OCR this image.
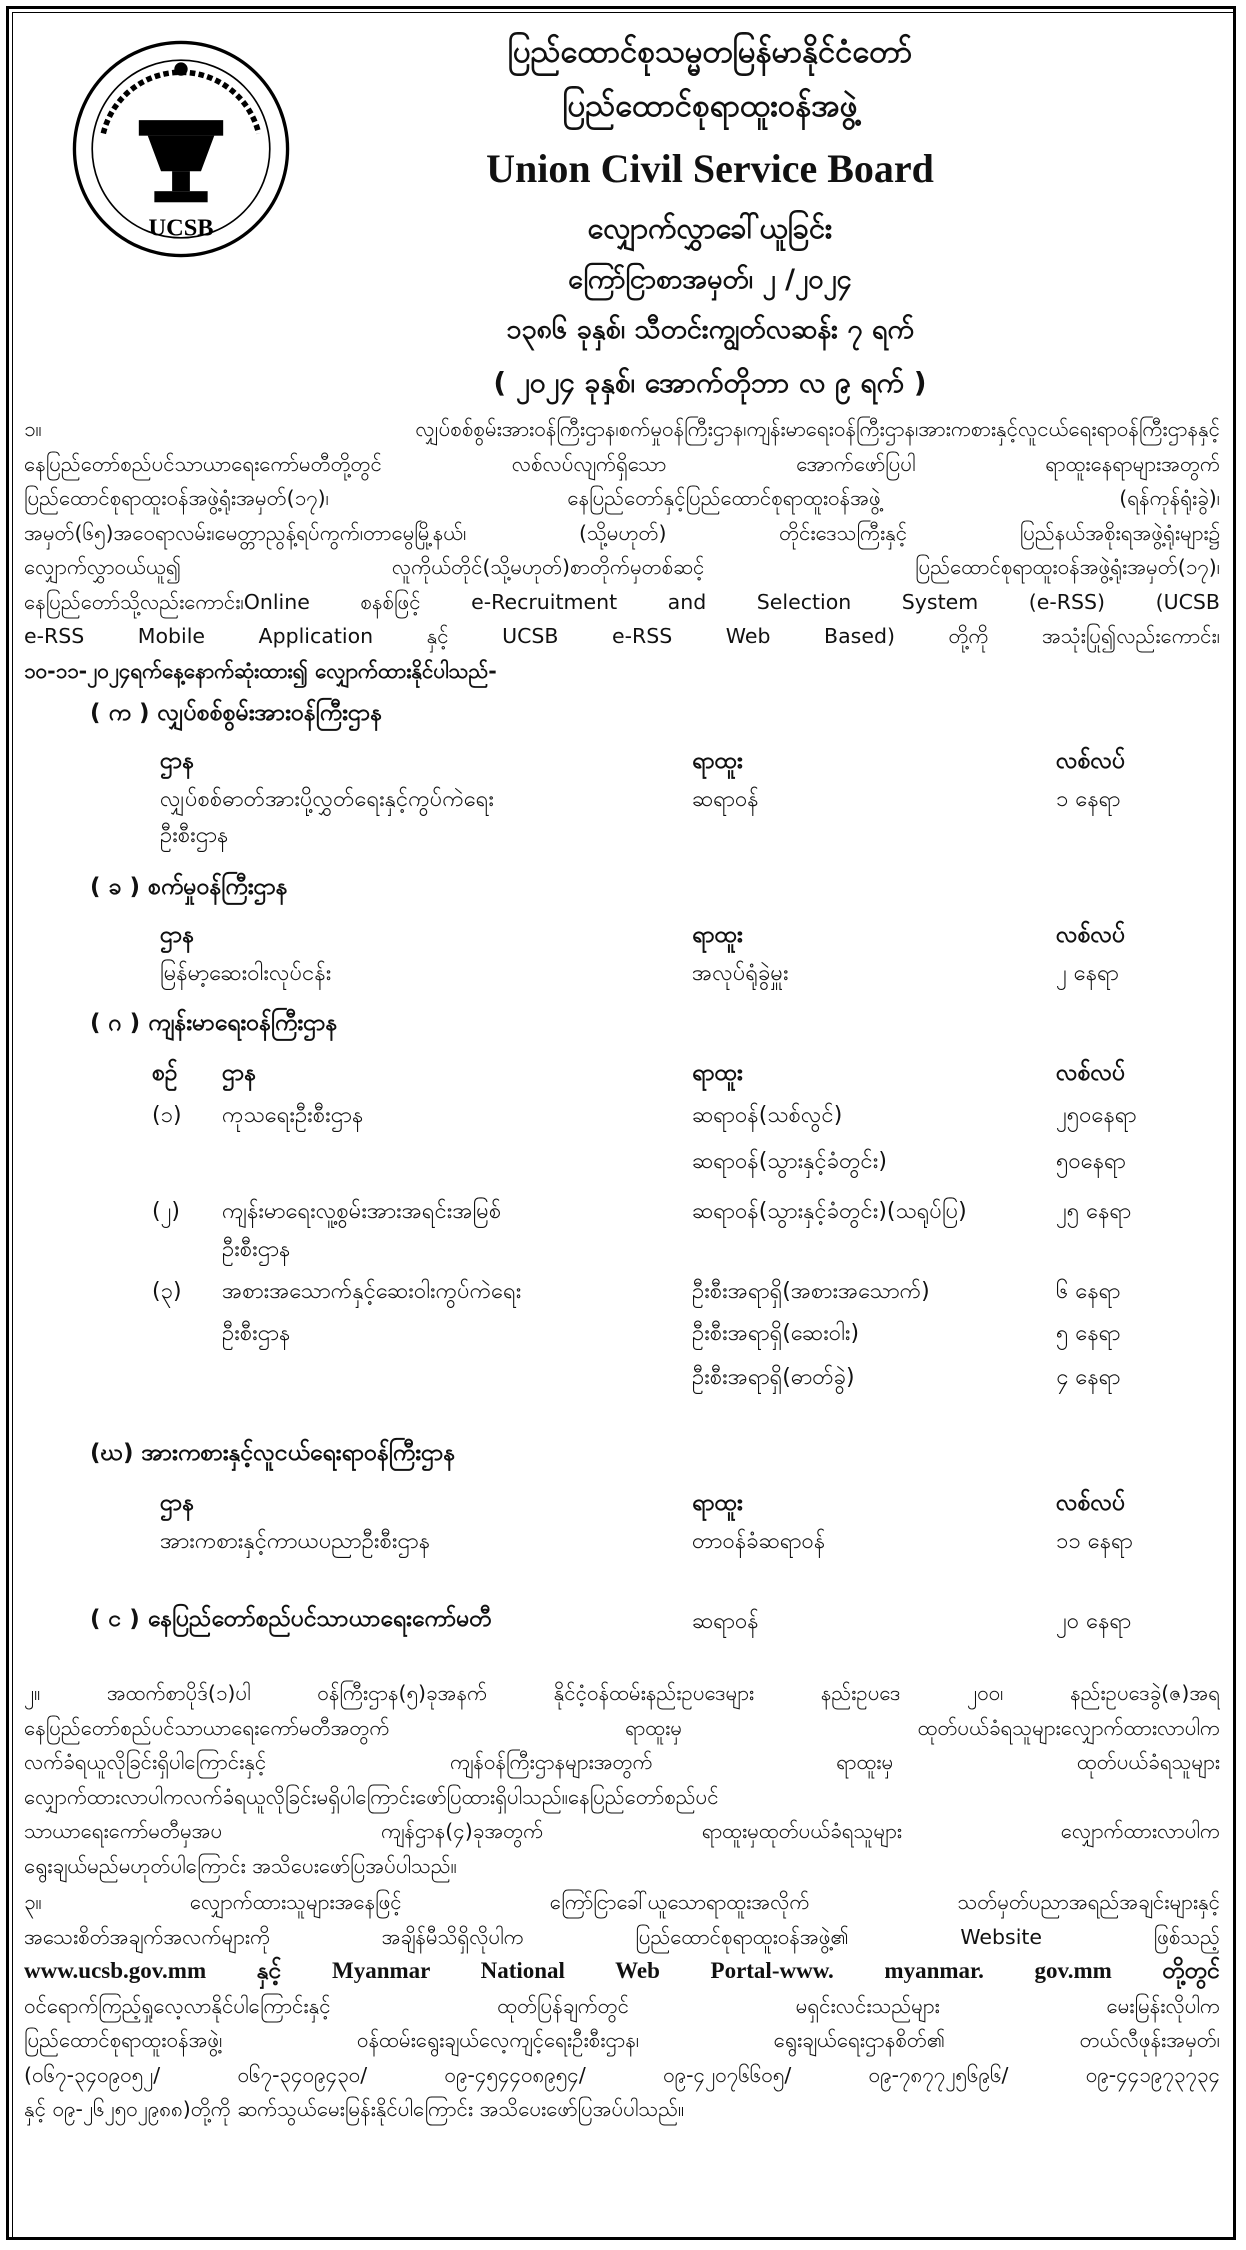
UCSB
ပြည်ထောင်စုသမ္မတမြန်မာနိုင်ငံတော်
ပြည်ထောင်စုရာထူးဝန်အဖွဲ့
Union Civil Service Board
လျှောက်လွှာခေါ်ယူခြင်း
ကြော်ငြာစာအမှတ်၊ ၂ /၂၀၂၄
၁၃၈၆ ခုနှစ်၊ သီတင်းကျွတ်လဆန်း ၇ ရက်
( ၂၀၂၄ ခုနှစ်၊ အောက်တိုဘာ လ ၉ ရက် )
၁။ လျှပ်စစ်စွမ်းအားဝန်ကြီးဌာန၊စက်မှုဝန်ကြီးဌာန၊ကျန်းမာရေးဝန်ကြီးဌာန၊အားကစားနှင့်လူငယ်ရေးရာဝန်ကြီးဌာနနှင့်
နေပြည်တော်စည်ပင်သာယာရေးကော်မတီတို့တွင် လစ်လပ်လျက်ရှိသော အောက်ဖော်ပြပါ ရာထူးနေရာများအတွက်
ပြည်ထောင်စုရာထူးဝန်အဖွဲ့ရုံးအမှတ်(၁၇)၊ နေပြည်တော်နှင့်ပြည်ထောင်စုရာထူးဝန်အဖွဲ့ (ရန်ကုန်ရုံးခွဲ)၊
အမှတ်(၆၅)အဝေရာလမ်း၊မေတ္တာညွန့်ရပ်ကွက်၊တာမွေမြို့နယ်၊ (သို့မဟုတ်) တိုင်းဒေသကြီးနှင့် ပြည်နယ်အစိုးရအဖွဲ့ရုံးများ၌
လျှောက်လွှာဝယ်ယူ၍ လူကိုယ်တိုင်(သို့မဟုတ်)စာတိုက်မှတစ်ဆင့် ပြည်ထောင်စုရာထူးဝန်အဖွဲ့ရုံးအမှတ်(၁၇)၊
နေပြည်တော်သို့လည်းကောင်း၊Online စနစ်ဖြင့် e-Recruitment and Selection System (e-RSS) (UCSB
e-RSS Mobile Application နှင့် UCSB e-RSS Web Based) တို့ကို အသုံးပြု၍လည်းကောင်း၊
၁၀-၁၁-၂၀၂၄ရက်နေ့နောက်ဆုံးထား၍ လျှောက်ထားနိုင်ပါသည်-
( က ) လျှပ်စစ်စွမ်းအားဝန်ကြီးဌာန
ဌာန	ရာထူး	လစ်လပ်
လျှပ်စစ်ဓာတ်အားပို့လွှတ်ရေးနှင့်ကွပ်ကဲရေး	ဆရာဝန်	၁ နေရာ
ဦးစီးဌာန
( ခ ) စက်မှုဝန်ကြီးဌာန
ဌာန	ရာထူး	လစ်လပ်
မြန်မာ့ဆေးဝါးလုပ်ငန်း	အလုပ်ရုံခွဲမှူး	၂ နေရာ
( ဂ ) ကျန်းမာရေးဝန်ကြီးဌာန
စဉ် ဌာန	ရာထူး	လစ်လပ်
(၁) ကုသရေးဦးစီးဌာန	ဆရာဝန်(သစ်လွင်)	၂၅၀နေရာ
ဆရာဝန်(သွားနှင့်ခံတွင်း)	၅၀နေရာ
(၂) ကျန်းမာရေးလူ့စွမ်းအားအရင်းအမြစ်	ဆရာဝန်(သွားနှင့်ခံတွင်း)(သရုပ်ပြ)	၂၅ နေရာ
ဦးစီးဌာန
(၃) အစားအသောက်နှင့်ဆေးဝါးကွပ်ကဲရေး	ဦးစီးအရာရှိ(အစားအသောက်)	၆ နေရာ
ဦးစီးဌာန	ဦးစီးအရာရှိ(ဆေးဝါး)	၅ နေရာ
ဦးစီးအရာရှိ(ဓာတ်ခွဲ)	၄ နေရာ
(ဃ) အားကစားနှင့်လူငယ်ရေးရာဝန်ကြီးဌာန
ဌာန	ရာထူး	လစ်လပ်
အားကစားနှင့်ကာယပညာဦးစီးဌာန	တာဝန်ခံဆရာဝန်	၁၁ နေရာ
( င ) နေပြည်တော်စည်ပင်သာယာရေးကော်မတီ	ဆရာဝန်	၂၀ နေရာ
၂။ အထက်စာပိုဒ်(၁)ပါ ဝန်ကြီးဌာန(၅)ခုအနက် နိုင်ငံ့ဝန်ထမ်းနည်းဥပဒေများ နည်းဥပဒေ ၂၀၀၊ နည်းဥပဒေခွဲ(ဇ)အရ
နေပြည်တော်စည်ပင်သာယာရေးကော်မတီအတွက် ရာထူးမှ ထုတ်ပယ်ခံရသူများလျှောက်ထားလာပါက
လက်ခံရယူလိုခြင်းရှိပါကြောင်းနှင့် ကျန်ဝန်ကြီးဌာနများအတွက် ရာထူးမှ ထုတ်ပယ်ခံရသူများ
လျှောက်ထားလာပါကလက်ခံရယူလိုခြင်းမရှိပါကြောင်းဖော်ပြထားရှိပါသည်။နေပြည်တော်စည်ပင်
သာယာရေးကော်မတီမှအပ ကျန်ဌာန(၄)ခုအတွက် ရာထူးမှထုတ်ပယ်ခံရသူများ လျှောက်ထားလာပါက
ရွေးချယ်မည်မဟုတ်ပါကြောင်း အသိပေးဖော်ပြအပ်ပါသည်။
၃။ လျှောက်ထားသူများအနေဖြင့် ကြော်ငြာခေါ်ယူသောရာထူးအလိုက် သတ်မှတ်ပညာအရည်အချင်းများနှင့်
အသေးစိတ်အချက်အလက်များကို အချိန်မီသိရှိလိုပါက ပြည်ထောင်စုရာထူးဝန်အဖွဲ့၏ Website ဖြစ်သည့်
www.ucsb.gov.mm နှင့် Myanmar National Web Portal-www. myanmar. gov.mm တို့တွင်
ဝင်ရောက်ကြည့်ရှုလေ့လာနိုင်ပါကြောင်းနှင့် ထုတ်ပြန်ချက်တွင် မရှင်းလင်းသည်များ မေးမြန်းလိုပါက
ပြည်ထောင်စုရာထူးဝန်အဖွဲ့၊ ဝန်ထမ်းရွေးချယ်လေ့ကျင့်ရေးဦးစီးဌာန၊ ရွေးချယ်ရေးဌာနစိတ်၏ တယ်လီဖုန်းအမှတ်၊
(၀၆၇-၃၄၀၉၀၅၂/ ၀၆၇-၃၄၀၉၄၃၀/ ၀၉-၄၅၄၄၀၈၉၅၄/ ၀၉-၄၂၀၇၆၆၀၅/ ၀၉-၇၈၇၇၂၅၆၉၆/ ၀၉-၄၄၁၉၇၃၇၃၄
နှင့် ၀၉-၂၆၂၅၀၂၉၈၈)တို့ကို ဆက်သွယ်မေးမြန်းနိုင်ပါကြောင်း အသိပေးဖော်ပြအပ်ပါသည်။
